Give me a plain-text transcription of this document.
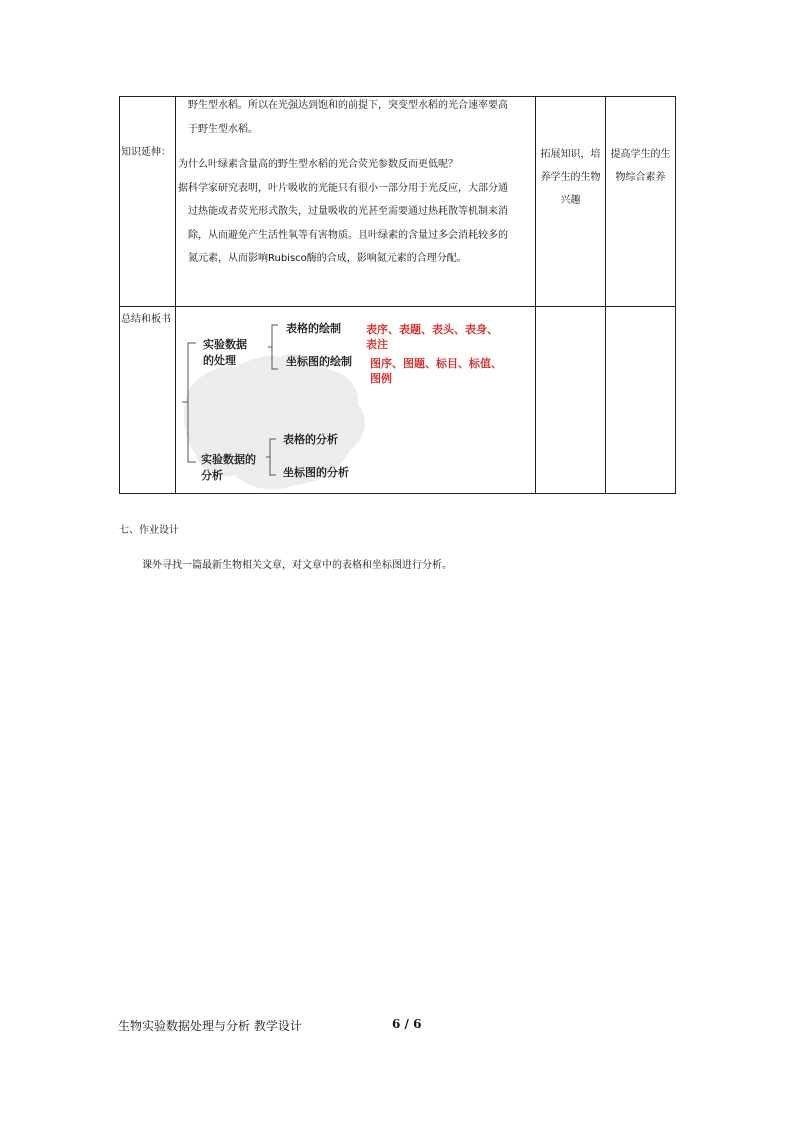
知识延伸：

野生型水稻。所以在光强达到饱和的前提下，突变型水稻的光合速率要高

于野生型水稻。

为什么叶绿素含量高的野生型水稻的光合荧光参数反而更低呢？

据科学家研究表明，叶片吸收的光能只有很小一部分用于光反应，大部分通

过热能或者荧光形式散失，过量吸收的光甚至需要通过热耗散等机制来消

除，从而避免产生活性氧等有害物质。且叶绿素的含量过多会消耗较多的

氮元素，从而影响Rubisco酶的合成，影响氮元素的合理分配。

拓展知识，培
养学生的生物
兴趣
提高学生的生
物综合素养
总结和板书
实验数据
的处理
表格的绘制 表序、表题、表头、表身、
表注
坐标图的绘制 图序、图题、标目、标值、
图例
实验数据的
分析
表格的分析
坐标图的分析
七、作业设计
课外寻找一篇最新生物相关文章，对文章中的表格和坐标图进行分析。
生物实验数据处理与分析 教学设计	6 / 6
